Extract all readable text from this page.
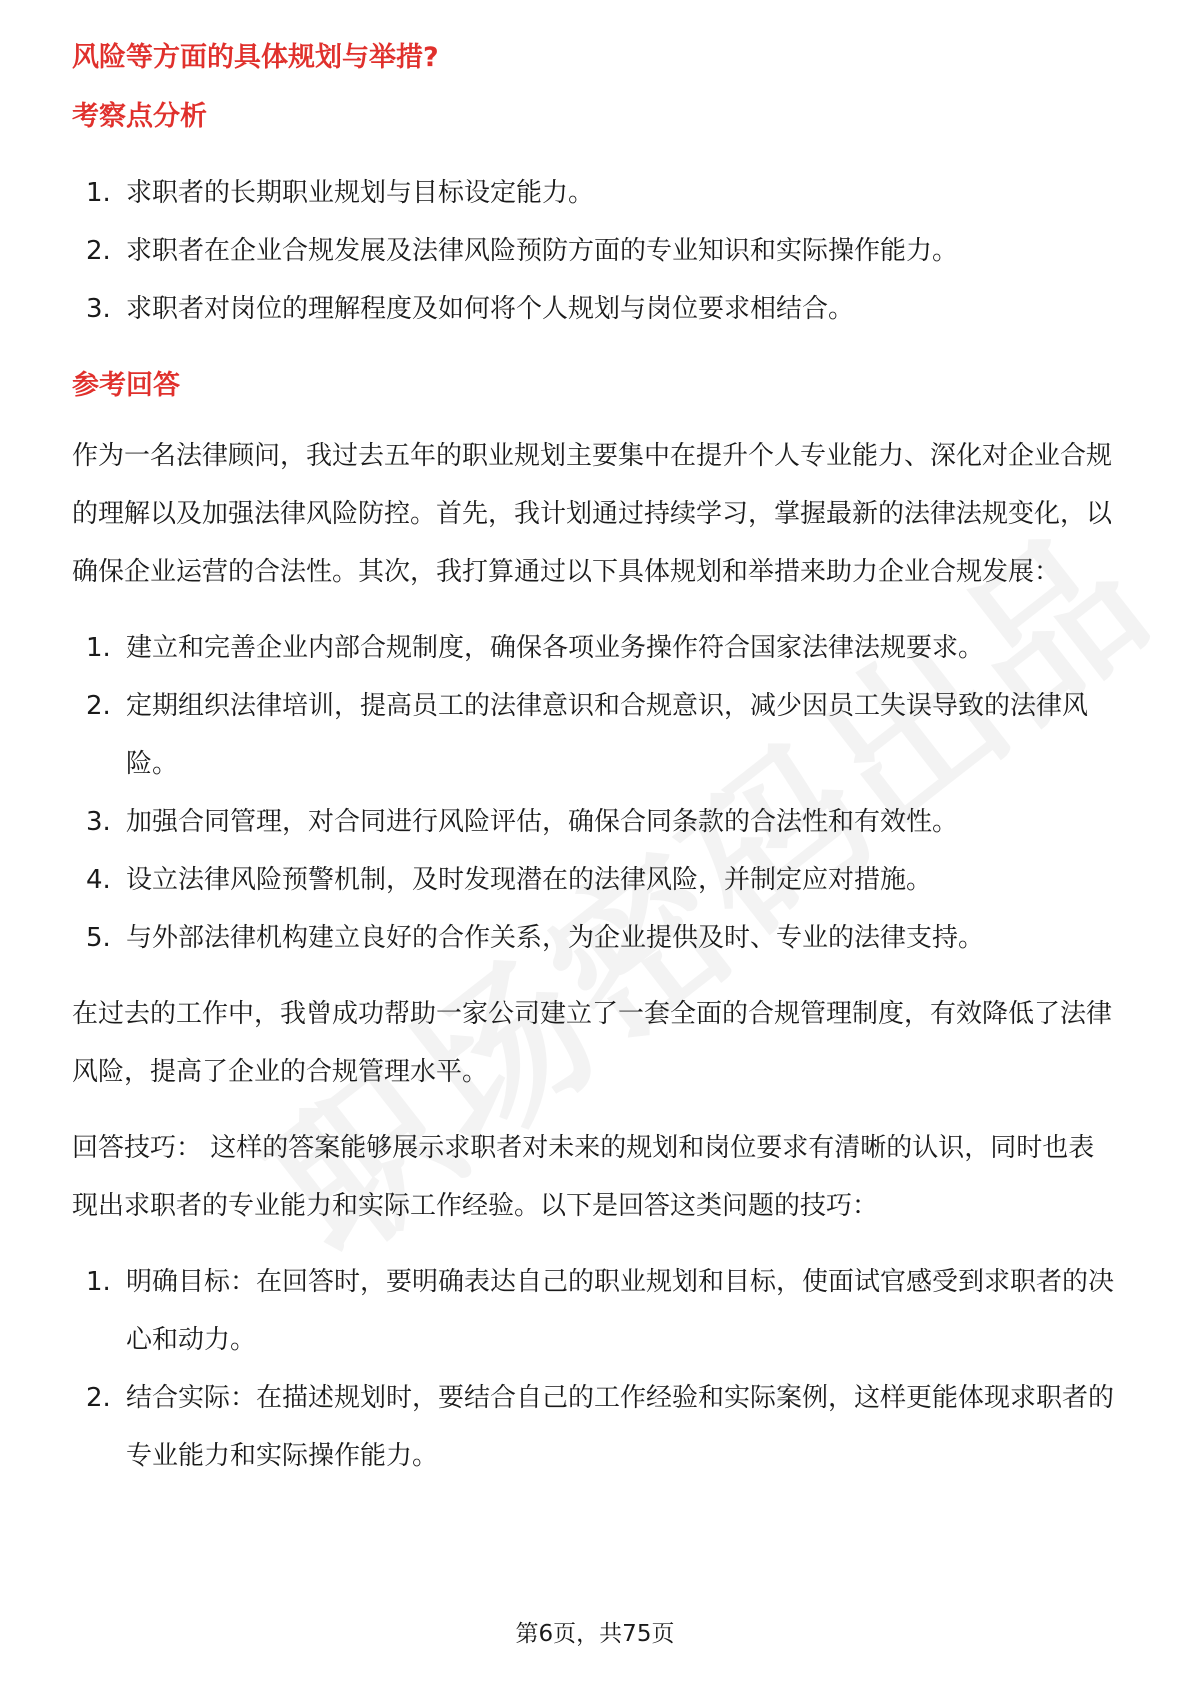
风险等方面的具体规划与举措?

考察点分析

1. 求职者的长期职业规划与目标设定能力。
2. 求职者在企业合规发展及法律风险预防方面的专业知识和实际操作能力。
3. 求职者对岗位的理解程度及如何将个人规划与岗位要求相结合。

参考回答

作为一名法律顾问，我过去五年的职业规划主要集中在提升个人专业能力、深化对企业合规的理解以及加强法律风险防控。首先，我计划通过持续学习，掌握最新的法律法规变化，以确保企业运营的合法性。其次，我打算通过以下具体规划和举措来助力企业合规发展：

1. 建立和完善企业内部合规制度，确保各项业务操作符合国家法律法规要求。
2. 定期组织法律培训，提高员工的法律意识和合规意识，减少因员工失误导致的法律风险。
3. 加强合同管理，对合同进行风险评估，确保合同条款的合法性和有效性。
4. 设立法律风险预警机制，及时发现潜在的法律风险，并制定应对措施。
5. 与外部法律机构建立良好的合作关系，为企业提供及时、专业的法律支持。

在过去的工作中，我曾成功帮助一家公司建立了一套全面的合规管理制度，有效降低了法律风险，提高了企业的合规管理水平。

回答技巧： 这样的答案能够展示求职者对未来的规划和岗位要求有清晰的认识，同时也表现出求职者的专业能力和实际工作经验。以下是回答这类问题的技巧：

1. 明确目标：在回答时，要明确表达自己的职业规划和目标，使面试官感受到求职者的决心和动力。
2. 结合实际：在描述规划时，要结合自己的工作经验和实际案例，这样更能体现求职者的专业能力和实际操作能力。
第6页，共75页
